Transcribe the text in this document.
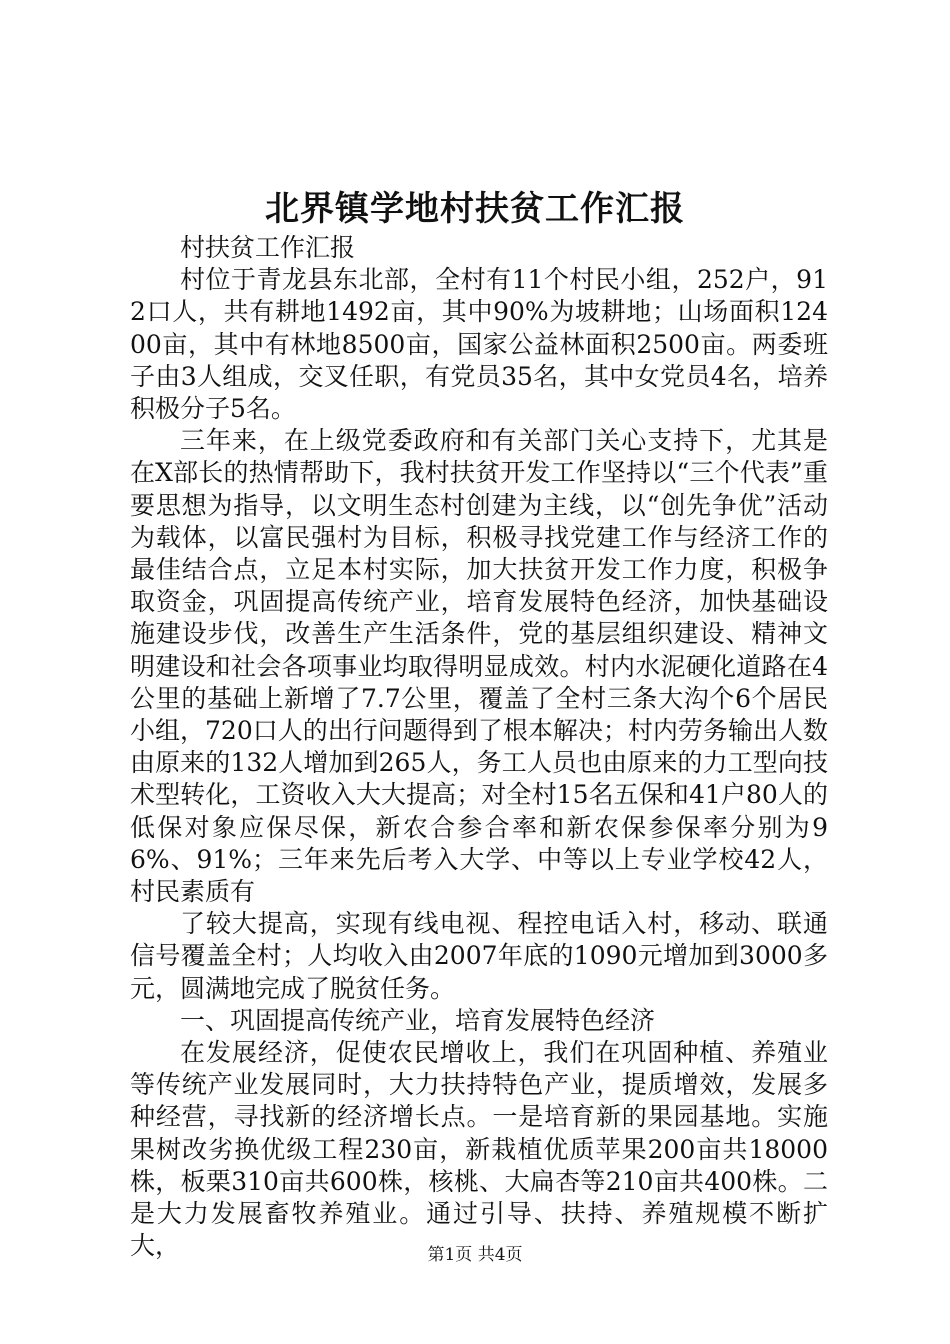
北界镇学地村扶贫工作汇报

村扶贫工作汇报

村位于青龙县东北部，全村有11个村民小组，252户，912口人，共有耕地1492亩，其中90%为坡耕地；山场面积12400亩，其中有林地8500亩，国家公益林面积2500亩。两委班子由3人组成，交叉任职，有党员35名，其中女党员4名，培养积极分子5名。

三年来，在上级党委政府和有关部门关心支持下，尤其是在X部长的热情帮助下，我村扶贫开发工作坚持以“三个代表”重要思想为指导，以文明生态村创建为主线，以“创先争优”活动为载体，以富民强村为目标，积极寻找党建工作与经济工作的最佳结合点，立足本村实际，加大扶贫开发工作力度，积极争取资金，巩固提高传统产业，培育发展特色经济，加快基础设施建设步伐，改善生产生活条件，党的基层组织建设、精神文明建设和社会各项事业均取得明显成效。村内水泥硬化道路在4公里的基础上新增了7.7公里，覆盖了全村三条大沟个6个居民小组，720口人的出行问题得到了根本解决；村内劳务输出人数由原来的132人增加到265人，务工人员也由原来的力工型向技术型转化，工资收入大大提高；对全村15名五保和41户80人的低保对象应保尽保，新农合参合率和新农保参保率分别为96%、91%；三年来先后考入大学、中等以上专业学校42人，村民素质有

了较大提高，实现有线电视、程控电话入村，移动、联通信号覆盖全村；人均收入由2007年底的1090元增加到3000多元，圆满地完成了脱贫任务。

一、巩固提高传统产业，培育发展特色经济

在发展经济，促使农民增收上，我们在巩固种植、养殖业等传统产业发展同时，大力扶持特色产业，提质增效，发展多种经营，寻找新的经济增长点。一是培育新的果园基地。实施果树改劣换优级工程230亩，新栽植优质苹果200亩共18000株，板栗310亩共600株，核桃、大扁杏等210亩共400株。二是大力发展畜牧养殖业。通过引导、扶持、养殖规模不断扩大，	第1页 共4页
